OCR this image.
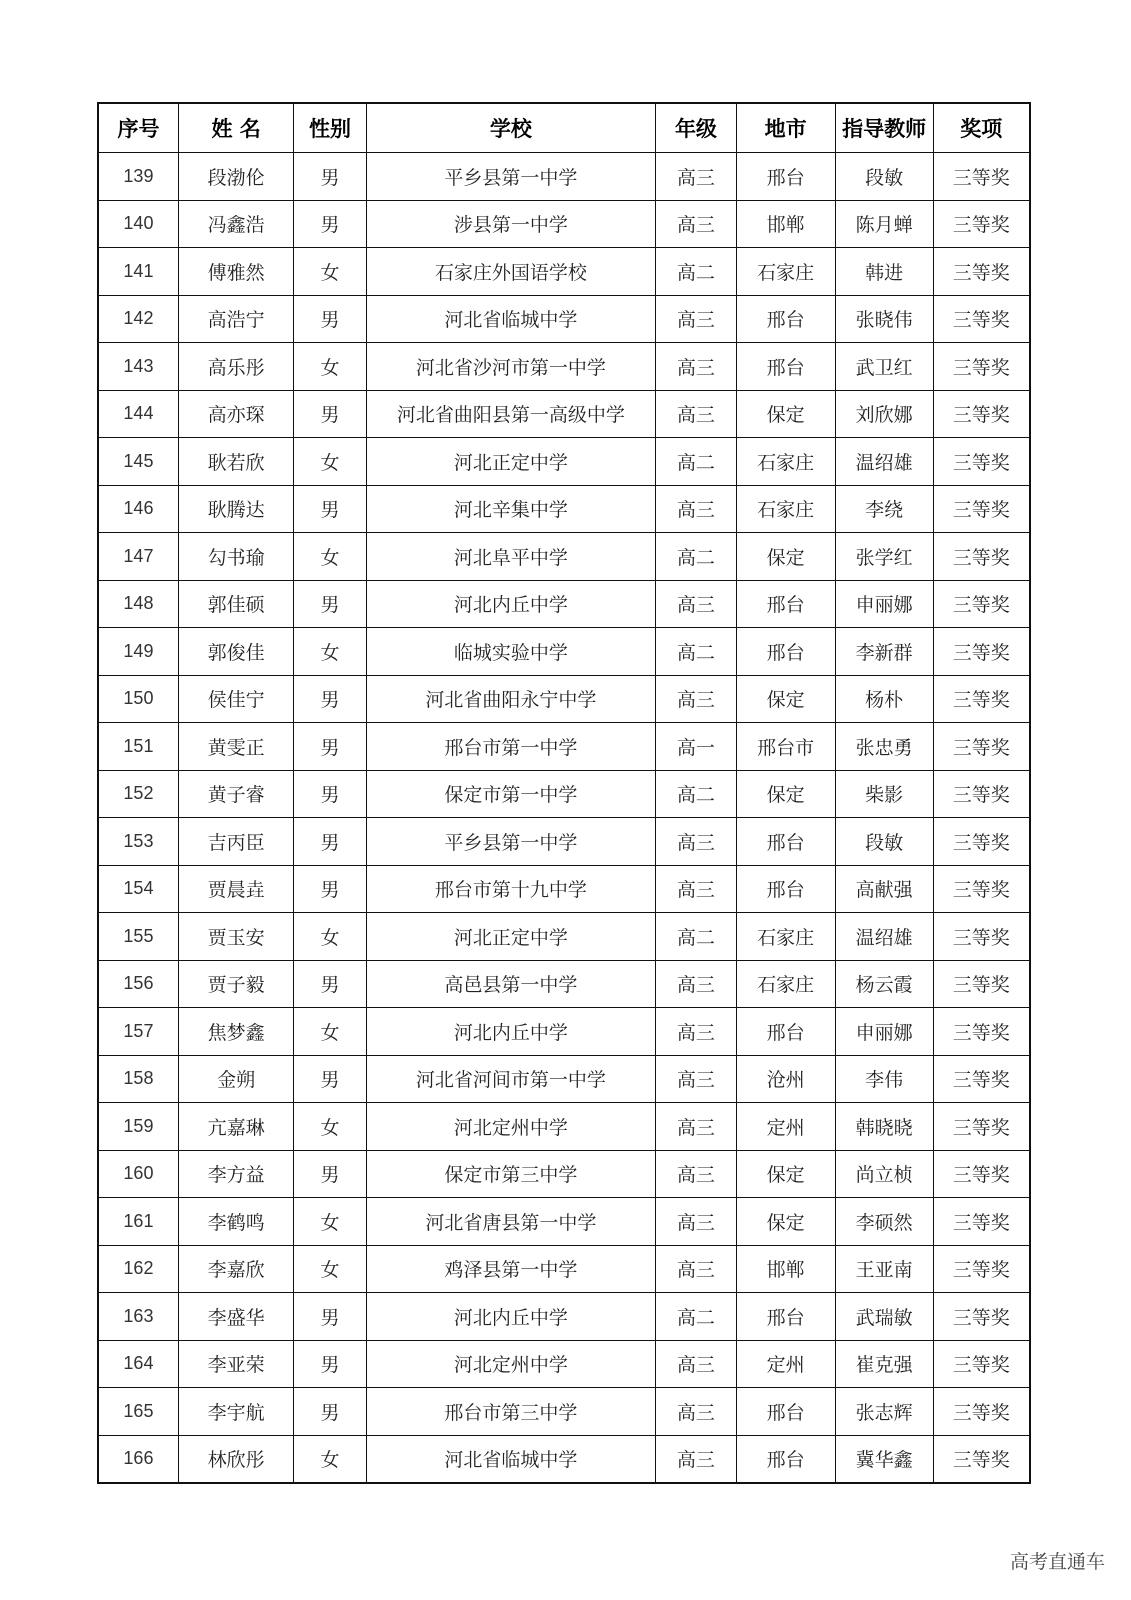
序号	姓 名	性别	学校	年级	地市	指导教师	奖项
139	段渤伦	男	平乡县第一中学	高三	邢台	段敏	三等奖
140	冯鑫浩	男	涉县第一中学	高三	邯郸	陈月蝉	三等奖
141	傅雅然	女	石家庄外国语学校	高二	石家庄	韩进	三等奖
142	高浩宁	男	河北省临城中学	高三	邢台	张晓伟	三等奖
143	高乐彤	女	河北省沙河市第一中学	高三	邢台	武卫红	三等奖
144	高亦琛	男	河北省曲阳县第一高级中学	高三	保定	刘欣娜	三等奖
145	耿若欣	女	河北正定中学	高二	石家庄	温绍雄	三等奖
146	耿腾达	男	河北辛集中学	高三	石家庄	李绕	三等奖
147	勾书瑜	女	河北阜平中学	高二	保定	张学红	三等奖
148	郭佳硕	男	河北内丘中学	高三	邢台	申丽娜	三等奖
149	郭俊佳	女	临城实验中学	高二	邢台	李新群	三等奖
150	侯佳宁	男	河北省曲阳永宁中学	高三	保定	杨朴	三等奖
151	黄雯正	男	邢台市第一中学	高一	邢台市	张忠勇	三等奖
152	黄子睿	男	保定市第一中学	高二	保定	柴影	三等奖
153	吉丙臣	男	平乡县第一中学	高三	邢台	段敏	三等奖
154	贾晨垚	男	邢台市第十九中学	高三	邢台	高献强	三等奖
155	贾玉安	女	河北正定中学	高二	石家庄	温绍雄	三等奖
156	贾子毅	男	高邑县第一中学	高三	石家庄	杨云霞	三等奖
157	焦梦鑫	女	河北内丘中学	高三	邢台	申丽娜	三等奖
158	金朔	男	河北省河间市第一中学	高三	沧州	李伟	三等奖
159	亢嘉琳	女	河北定州中学	高三	定州	韩晓晓	三等奖
160	李方益	男	保定市第三中学	高三	保定	尚立桢	三等奖
161	李鹤鸣	女	河北省唐县第一中学	高三	保定	李硕然	三等奖
162	李嘉欣	女	鸡泽县第一中学	高三	邯郸	王亚南	三等奖
163	李盛华	男	河北内丘中学	高二	邢台	武瑞敏	三等奖
164	李亚荣	男	河北定州中学	高三	定州	崔克强	三等奖
165	李宇航	男	邢台市第三中学	高三	邢台	张志辉	三等奖
166	林欣彤	女	河北省临城中学	高三	邢台	冀华鑫	三等奖
高考直通车
